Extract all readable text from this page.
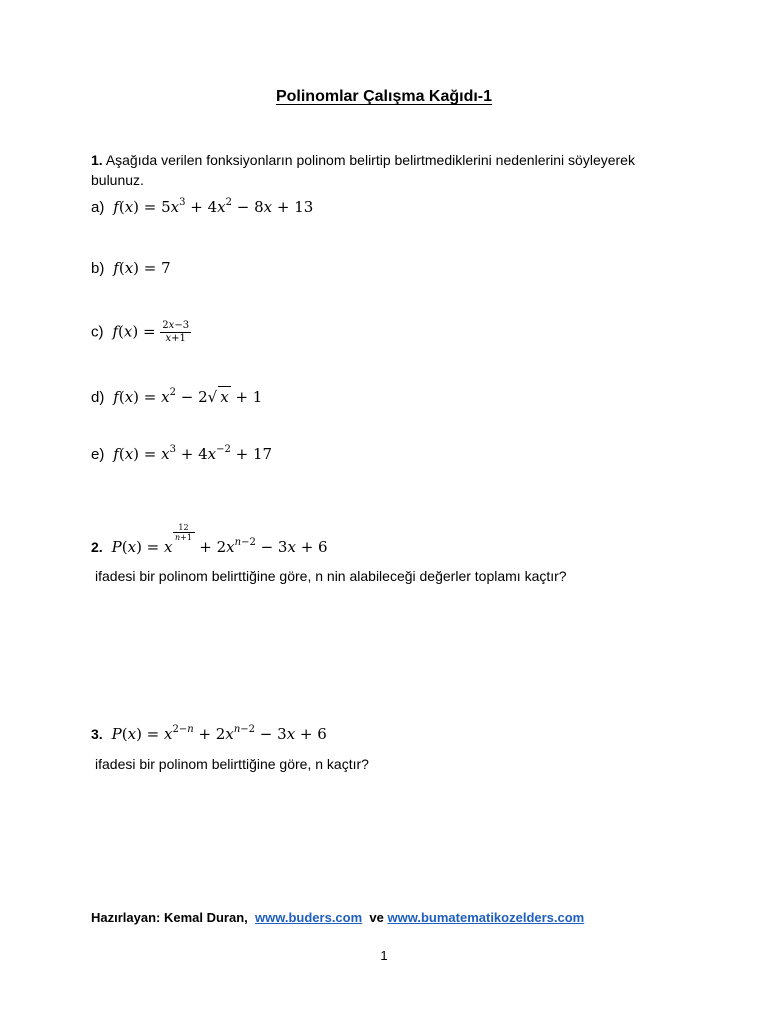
Polinomlar Çalışma Kağıdı-1
1. Aşağıda verilen fonksiyonların polinom belirtip belirtmediklerini nedenlerini söyleyerek bulunuz.
a)  $f(x) = 5x^3 + 4x^2 - 8x + 13$
b)  f(x) = 7
c)  $f(x) = \frac{2x-3}{x+1}$
d)  $f(x) = x^2 - 2√$ x + 1
e)  $f(x) = x^3 + 4x^{-2} + 17$
2.  P(x) = x
12
n+1
+ $2x^{n-2} - 3x + 6$
ifadesi bir polinom belirttiğine göre, n nin alabileceği değerler toplamı kaçtır?
3.  $P(x) = x^{2-n} + 2x^{n-2} - 3x + 6$
ifadesi bir polinom belirttiğine göre, n kaçtır?
Hazırlayan: Kemal Duran, www.buders.com ve www.bumatematikozelders.com
1
